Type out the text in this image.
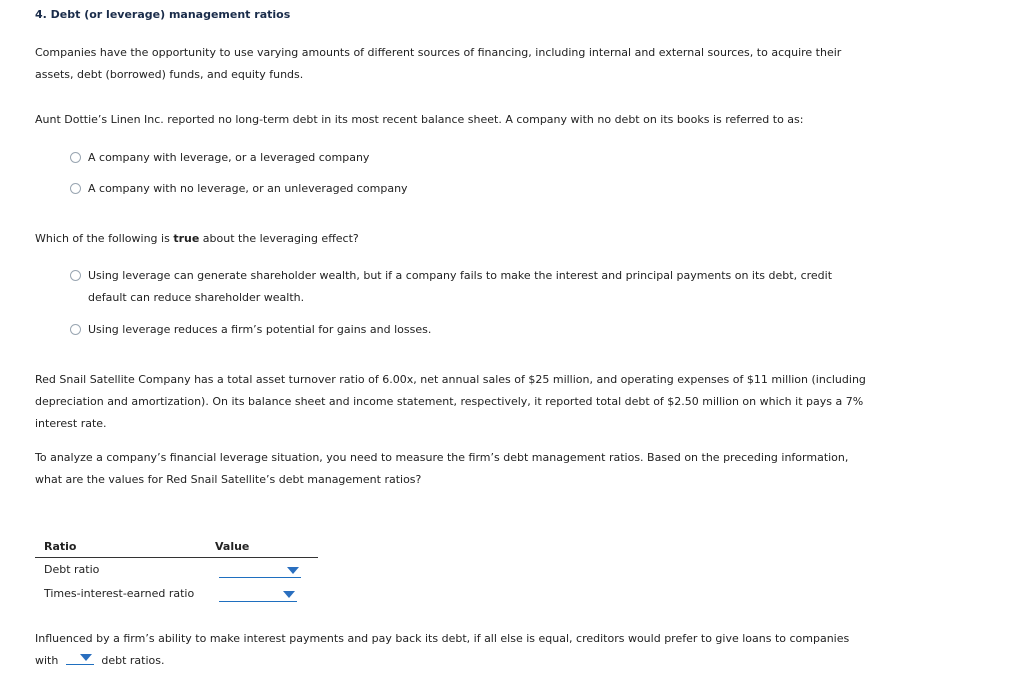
4. Debt (or leverage) management ratios
Companies have the opportunity to use varying amounts of different sources of financing, including internal and external sources, to acquire their assets, debt (borrowed) funds, and equity funds.
Aunt Dottie’s Linen Inc. reported no long-term debt in its most recent balance sheet. A company with no debt on its books is referred to as:
A company with leverage, or a leveraged company
A company with no leverage, or an unleveraged company
Which of the following is true about the leveraging effect?
Using leverage can generate shareholder wealth, but if a company fails to make the interest and principal payments on its debt, credit default can reduce shareholder wealth.
Using leverage reduces a firm’s potential for gains and losses.
Red Snail Satellite Company has a total asset turnover ratio of 6.00x, net annual sales of $25 million, and operating expenses of $11 million (including depreciation and amortization). On its balance sheet and income statement, respectively, it reported total debt of $2.50 million on which it pays a 7% interest rate.
To analyze a company’s financial leverage situation, you need to measure the firm’s debt management ratios. Based on the preceding information, what are the values for Red Snail Satellite’s debt management ratios?
Ratio	Value
Debt ratio
Times-interest-earned ratio
Influenced by a firm’s ability to make interest payments and pay back its debt, if all else is equal, creditors would prefer to give loans to companies
with	debt ratios.
